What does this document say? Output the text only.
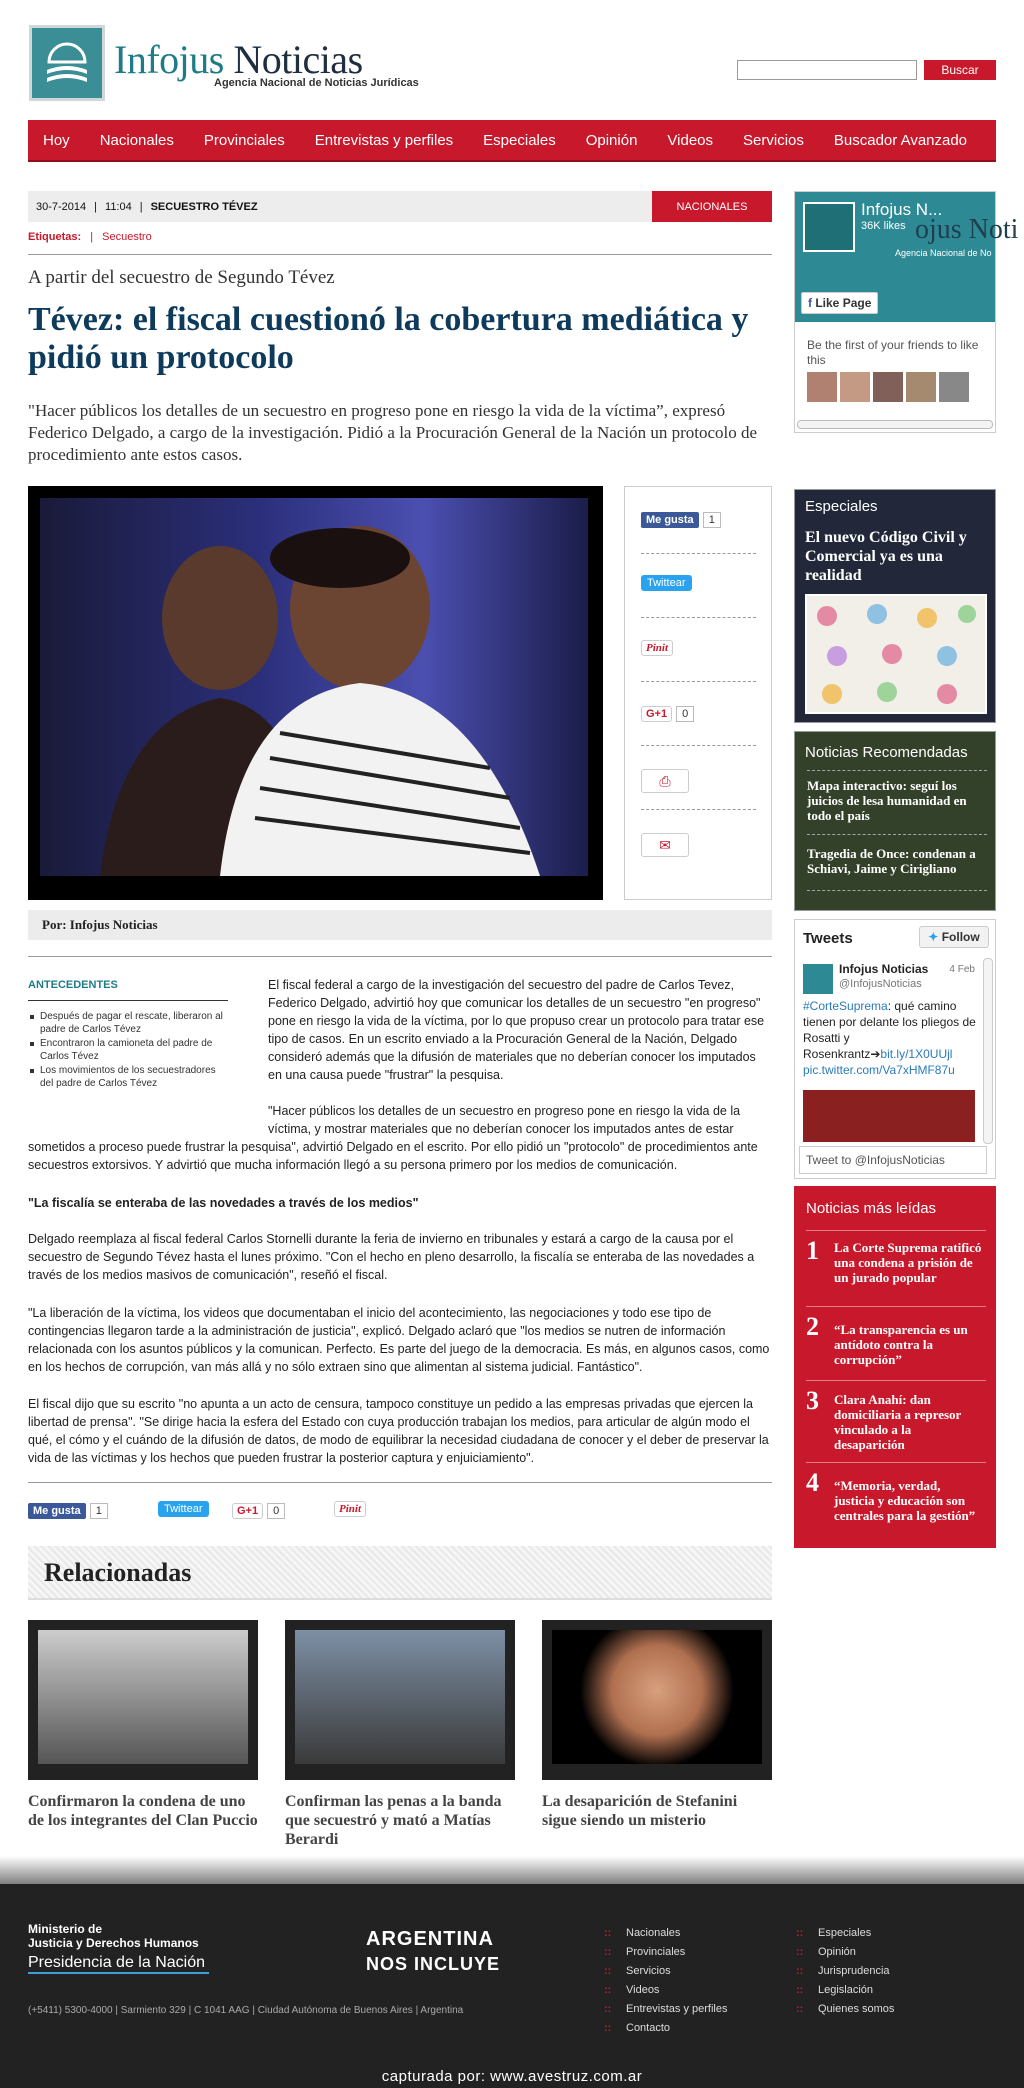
Infojus Noticias
Agencia Nacional de Noticias Jurídicas
Buscar
Hoy Nacionales Provinciales Entrevistas y perfiles Especiales Opinión Videos Servicios Buscador Avanzado
30-7-2014 | 11:04 | SECUESTRO TÉVEZ	NACIONALES
Etiquetas: | Secuestro
A partir del secuestro de Segundo Tévez
Tévez: el fiscal cuestionó la cobertura mediática y pidió un protocolo
"Hacer públicos los detalles de un secuestro en progreso pone en riesgo la vida de la víctima”, expresó Federico Delgado, a cargo de la investigación. Pidió a la Procuración General de la Nación un protocolo de procedimiento ante estos casos.
Me gusta 1
Twittear
Pinit
G+1 0
⎙
✉
Por: Infojus Noticias
ANTECEDENTES
Después de pagar el rescate, liberaron al padre de Carlos Tévez
Encontraron la camioneta del padre de Carlos Tévez
Los movimientos de los secuestradores del padre de Carlos Tévez
El fiscal federal a cargo de la investigación del secuestro del padre de Carlos Tevez, Federico Delgado, advirtió hoy que comunicar los detalles de un secuestro "en progreso" pone en riesgo la vida de la víctima, por lo que propuso crear un protocolo para tratar ese tipo de casos. En un escrito enviado a la Procuración General de la Nación, Delgado consideró además que la difusión de materiales que no deberían conocer los imputados en una causa puede "frustrar" la pesquisa.
"Hacer públicos los detalles de un secuestro en progreso pone en riesgo la vida de la víctima, y mostrar materiales que no deberían conocer los imputados antes de estar
sometidos a proceso puede frustrar la pesquisa", advirtió Delgado en el escrito. Por ello pidió un "protocolo" de procedimientos ante secuestros extorsivos. Y advirtió que mucha información llegó a su persona primero por los medios de comunicación.
"La fiscalía se enteraba de las novedades a través de los medios"
Delgado reemplaza al fiscal federal Carlos Stornelli durante la feria de invierno en tribunales y estará a cargo de la causa por el secuestro de Segundo Tévez hasta el lunes próximo. "Con el hecho en pleno desarrollo, la fiscalía se enteraba de las novedades a través de los medios masivos de comunicación", reseñó el fiscal.
"La liberación de la víctima, los videos que documentaban el inicio del acontecimiento, las negociaciones y todo ese tipo de contingencias llegaron tarde a la administración de justicia", explicó. Delgado aclaró que "los medios se nutren de información relacionada con los asuntos públicos y la comunican. Perfecto. Es parte del juego de la democracia. Es más, en algunos casos, como en los hechos de corrupción, van más allá y no sólo extraen sino que alimentan al sistema judicial. Fantástico".
El fiscal dijo que su escrito "no apunta a un acto de censura, tampoco constituye un pedido a las empresas privadas que ejercen la libertad de prensa". "Se dirige hacia la esfera del Estado con cuya producción trabajan los medios, para articular de algún modo el qué, el cómo y el cuándo de la difusión de datos, de modo de equilibrar la necesidad ciudadana de conocer y el deber de preservar la vida de las víctimas y los hechos que pueden frustrar la posterior captura y enjuiciamiento".
Me gusta 1	Twittear	G+1 0	Pinit
Relacionadas
Confirmaron la condena de uno de los integrantes del Clan Puccio
Confirman las penas a la banda que secuestró y mató a Matías Berardi
La desaparición de Stefanini sigue siendo un misterio
Infojus N...
36K likes ojus Noti
Agencia Nacional de No
f Like Page
Be the first of your friends to like this
Especiales
El nuevo Código Civil y Comercial ya es una realidad
Noticias Recomendadas
Mapa interactivo: seguí los juicios de lesa humanidad en todo el país
Tragedia de Once: condenan a Schiavi, Jaime y Cirigliano
Tweets	✦ Follow
Infojus Noticias
@InfojusNoticias
4 Feb
#CorteSuprema: qué camino tienen por delante los pliegos de Rosatti y Rosenkrantz➔bit.ly/1X0UUjl pic.twitter.com/Va7xHMF87u
Tweet to @InfojusNoticias
Noticias más leídas
1 La Corte Suprema ratificó una condena a prisión de un jurado popular
2 “La transparencia es un antídoto contra la corrupción”
3 Clara Anahí: dan domiciliaria a represor vinculado a la desaparición
4 “Memoria, verdad, justicia y educación son centrales para la gestión”
Ministerio de
Justicia y Derechos Humanos
Presidencia de la Nación
ARGENTINA
NOS INCLUYE
(+5411) 5300-4000 | Sarmiento 329 | C 1041 AAG | Ciudad Autónoma de Buenos Aires | Argentina
:: Nacionales
:: Provinciales
:: Servicios
:: Videos
:: Entrevistas y perfiles
:: Contacto
:: Especiales
:: Opinión
:: Jurisprudencia
:: Legislación
:: Quienes somos
capturada por: www.avestruz.com.ar
